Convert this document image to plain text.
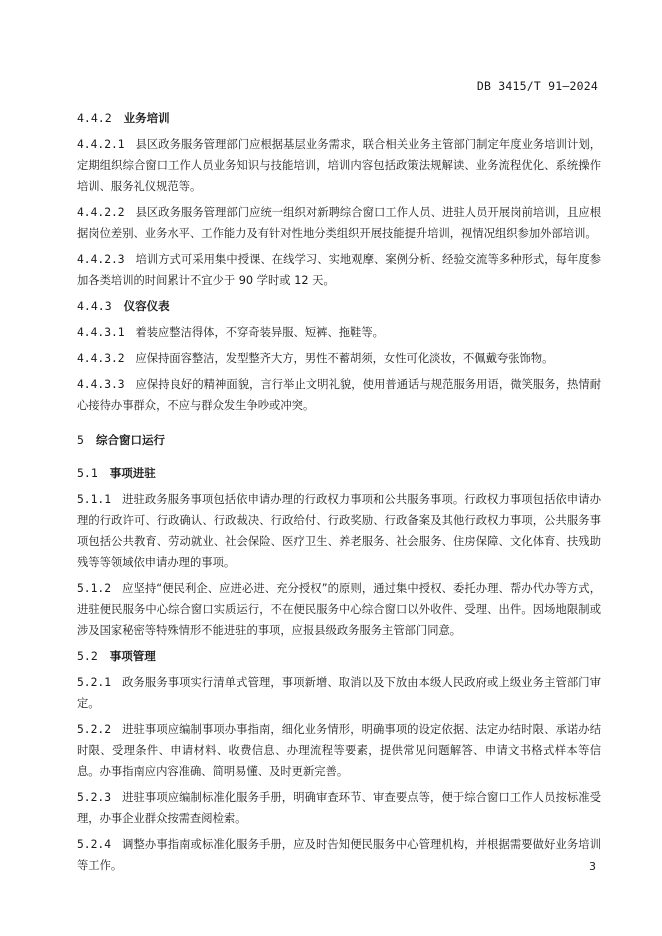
DB 3415/T 91—2024
4.4.2 业务培训
4.4.2.1 县区政务服务管理部门应根据基层业务需求，联合相关业务主管部门制定年度业务培训计划，定期组织综合窗口工作人员业务知识与技能培训，培训内容包括政策法规解读、业务流程优化、系统操作培训、服务礼仪规范等。
4.4.2.2 县区政务服务管理部门应统一组织对新聘综合窗口工作人员、进驻人员开展岗前培训，且应根据岗位差别、业务水平、工作能力及有针对性地分类组织开展技能提升培训，视情况组织参加外部培训。
4.4.2.3 培训方式可采用集中授课、在线学习、实地观摩、案例分析、经验交流等多种形式，每年度参加各类培训的时间累计不宜少于 90 学时或 12 天。
4.4.3 仪容仪表
4.4.3.1 着装应整洁得体，不穿奇装异服、短裤、拖鞋等。
4.4.3.2 应保持面容整洁，发型整齐大方，男性不蓄胡须，女性可化淡妆，不佩戴夸张饰物。
4.4.3.3 应保持良好的精神面貌，言行举止文明礼貌，使用普通话与规范服务用语，微笑服务，热情耐心接待办事群众，不应与群众发生争吵或冲突。
5 综合窗口运行
5.1 事项进驻
5.1.1 进驻政务服务事项包括依申请办理的行政权力事项和公共服务事项。行政权力事项包括依申请办理的行政许可、行政确认、行政裁决、行政给付、行政奖励、行政备案及其他行政权力事项，公共服务事项包括公共教育、劳动就业、社会保险、医疗卫生、养老服务、社会服务、住房保障、文化体育、扶残助残等等领域依申请办理的事项。
5.1.2 应坚持“便民利企、应进必进、充分授权”的原则，通过集中授权、委托办理、帮办代办等方式，进驻便民服务中心综合窗口实质运行，不在便民服务中心综合窗口以外收件、受理、出件。因场地限制或涉及国家秘密等特殊情形不能进驻的事项，应报县级政务服务主管部门同意。
5.2 事项管理
5.2.1 政务服务事项实行清单式管理，事项新增、取消以及下放由本级人民政府或上级业务主管部门审定。
5.2.2 进驻事项应编制事项办事指南，细化业务情形，明确事项的设定依据、法定办结时限、承诺办结时限、受理条件、申请材料、收费信息、办理流程等要素，提供常见问题解答、申请文书格式样本等信息。办事指南应内容准确、简明易懂、及时更新完善。
5.2.3 进驻事项应编制标准化服务手册，明确审查环节、审查要点等，便于综合窗口工作人员按标准受理，办事企业群众按需查阅检索。
5.2.4 调整办事指南或标准化服务手册，应及时告知便民服务中心管理机构，并根据需要做好业务培训等工作。	3
